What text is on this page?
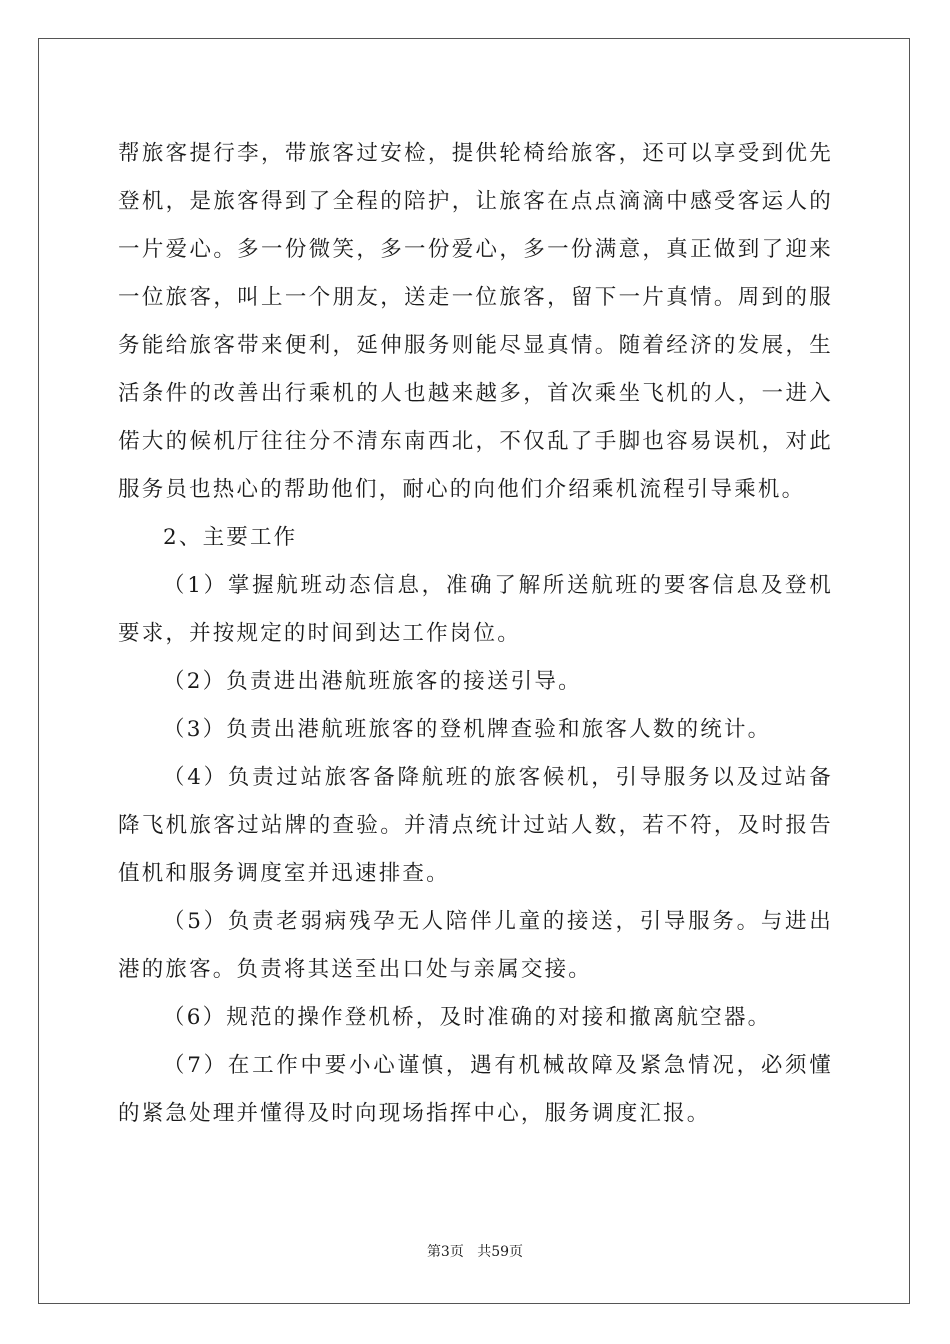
帮旅客提行李，带旅客过安检，提供轮椅给旅客，还可以享受到优先登机，是旅客得到了全程的陪护，让旅客在点点滴滴中感受客运人的一片爱心。多一份微笑，多一份爱心，多一份满意，真正做到了迎来一位旅客，叫上一个朋友，送走一位旅客，留下一片真情。周到的服务能给旅客带来便利，延伸服务则能尽显真情。随着经济的发展，生活条件的改善出行乘机的人也越来越多，首次乘坐飞机的人，一进入偌大的候机厅往往分不清东南西北，不仅乱了手脚也容易误机，对此服务员也热心的帮助他们，耐心的向他们介绍乘机流程引导乘机。

2、主要工作

（1）掌握航班动态信息，准确了解所送航班的要客信息及登机要求，并按规定的时间到达工作岗位。

（2）负责进出港航班旅客的接送引导。

（3）负责出港航班旅客的登机牌查验和旅客人数的统计。

（4）负责过站旅客备降航班的旅客候机，引导服务以及过站备降飞机旅客过站牌的查验。并清点统计过站人数，若不符，及时报告值机和服务调度室并迅速排查。

（5）负责老弱病残孕无人陪伴儿童的接送，引导服务。与进出港的旅客。负责将其送至出口处与亲属交接。

（6）规范的操作登机桥，及时准确的对接和撤离航空器。

（7）在工作中要小心谨慎，遇有机械故障及紧急情况，必须懂的紧急处理并懂得及时向现场指挥中心，服务调度汇报。

第3页 共59页
